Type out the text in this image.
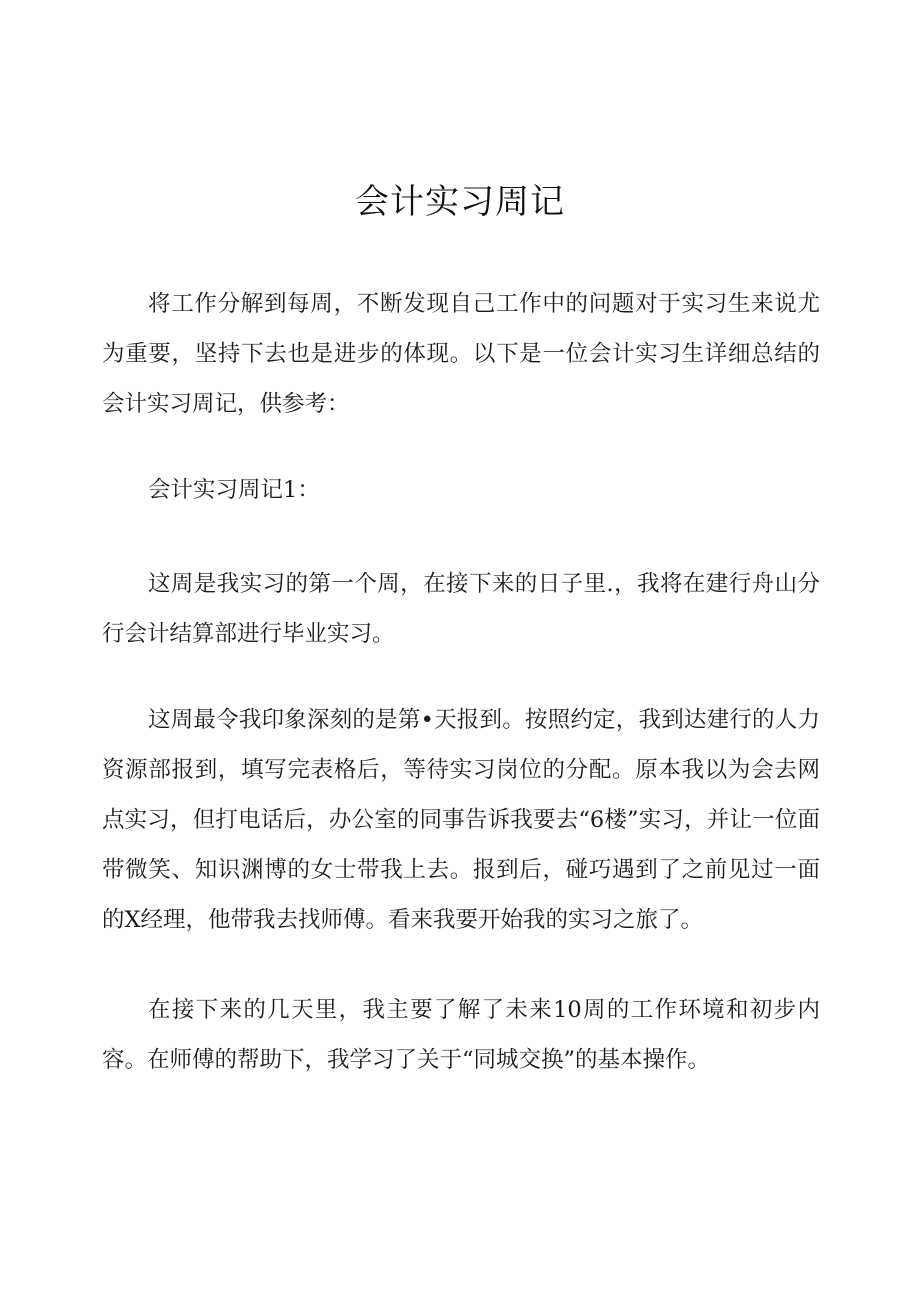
会计实习周记

将工作分解到每周，不断发现自己工作中的问题对于实习生来说尤为重要，坚持下去也是进步的体现。以下是一位会计实习生详细总结的会计实习周记，供参考：

会计实习周记1：

这周是我实习的第一个周，在接下来的日子里.，我将在建行舟山分行会计结算部进行毕业实习。

这周最令我印象深刻的是第•天报到。按照约定，我到达建行的人力资源部报到，填写完表格后，等待实习岗位的分配。原本我以为会去网点实习，但打电话后，办公室的同事告诉我要去“6楼”实习，并让一位面带微笑、知识渊博的女士带我上去。报到后，碰巧遇到了之前见过一面的X经理，他带我去找师傅。看来我要开始我的实习之旅了。

在接下来的几天里，我主要了解了未来10周的工作环境和初步内容。在师傅的帮助下，我学习了关于“同城交换”的基本操作。
